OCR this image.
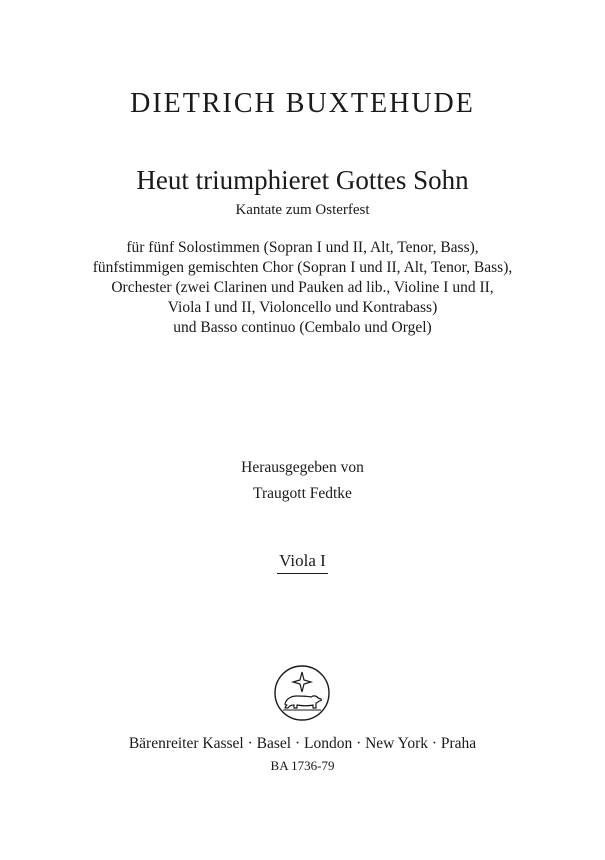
DIETRICH BUXTEHUDE
Heut triumphieret Gottes Sohn
Kantate zum Osterfest
für fünf Solostimmen (Sopran I und II, Alt, Tenor, Bass),
fünfstimmigen gemischten Chor (Sopran I und II, Alt, Tenor, Bass),
Orchester (zwei Clarinen und Pauken ad lib., Violine I und II,
Viola I und II, Violoncello und Kontrabass)
und Basso continuo (Cembalo und Orgel)
Herausgegeben von
Traugott Fedtke
Viola I
Bärenreiter Kassel · Basel · London · New York · Praha
BA 1736-79
